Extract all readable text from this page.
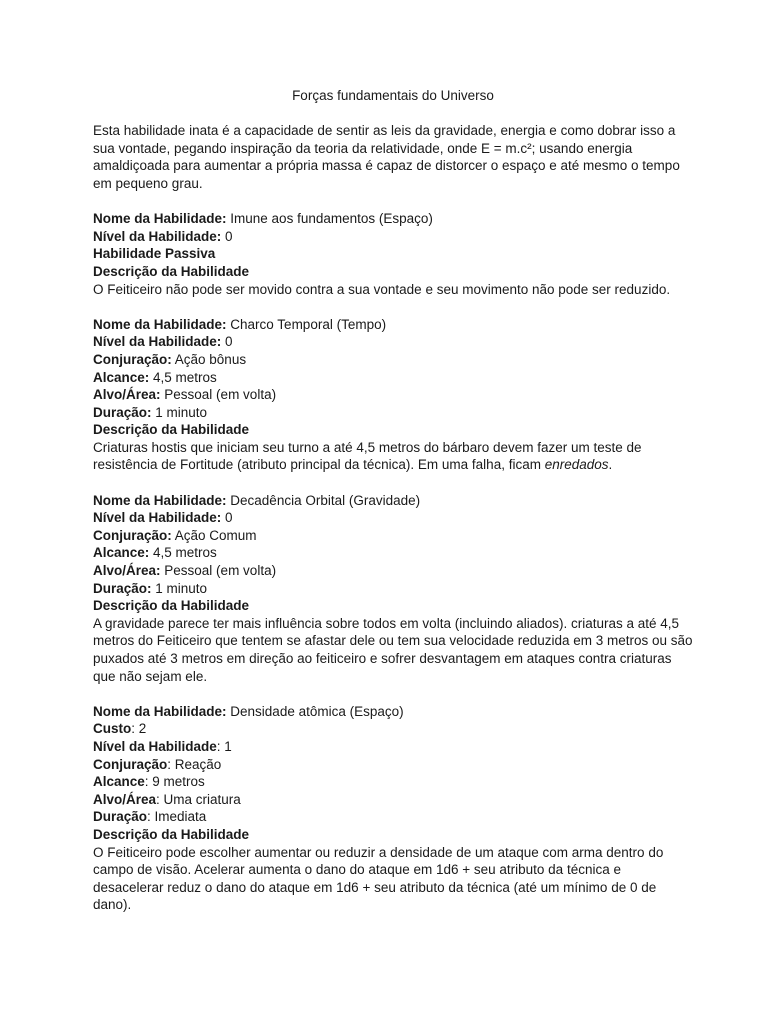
Forças fundamentais do Universo

Esta habilidade inata é a capacidade de sentir as leis da gravidade, energia e como dobrar isso a sua vontade, pegando inspiração da teoria da relatividade, onde E = m.c²; usando energia amaldiçoada para aumentar a própria massa é capaz de distorcer o espaço e até mesmo o tempo em pequeno grau.

Nome da Habilidade: Imune aos fundamentos (Espaço)

Nível da Habilidade: 0

Habilidade Passiva

Descrição da Habilidade

O Feiticeiro não pode ser movido contra a sua vontade e seu movimento não pode ser reduzido.

Nome da Habilidade: Charco Temporal (Tempo)

Nível da Habilidade: 0

Conjuração: Ação bônus

Alcance: 4,5 metros

Alvo/Área: Pessoal (em volta)

Duração: 1 minuto

Descrição da Habilidade

Criaturas hostis que iniciam seu turno a até 4,5 metros do bárbaro devem fazer um teste de resistência de Fortitude (atributo principal da técnica). Em uma falha, ficam enredados.

Nome da Habilidade: Decadência Orbital (Gravidade)

Nível da Habilidade: 0

Conjuração: Ação Comum

Alcance: 4,5 metros

Alvo/Área: Pessoal (em volta)

Duração: 1 minuto

Descrição da Habilidade

A gravidade parece ter mais influência sobre todos em volta (incluindo aliados). criaturas a até 4,5 metros do Feiticeiro que tentem se afastar dele ou tem sua velocidade reduzida em 3 metros ou são puxados até 3 metros em direção ao feiticeiro e sofrer desvantagem em ataques contra criaturas que não sejam ele.

Nome da Habilidade: Densidade atômica (Espaço)

Custo: 2

Nível da Habilidade: 1

Conjuração: Reação

Alcance: 9 metros

Alvo/Área: Uma criatura

Duração: Imediata

Descrição da Habilidade

O Feiticeiro pode escolher aumentar ou reduzir a densidade de um ataque com arma dentro do campo de visão. Acelerar aumenta o dano do ataque em 1d6 + seu atributo da técnica e desacelerar reduz o dano do ataque em 1d6 + seu atributo da técnica (até um mínimo de 0 de dano).
